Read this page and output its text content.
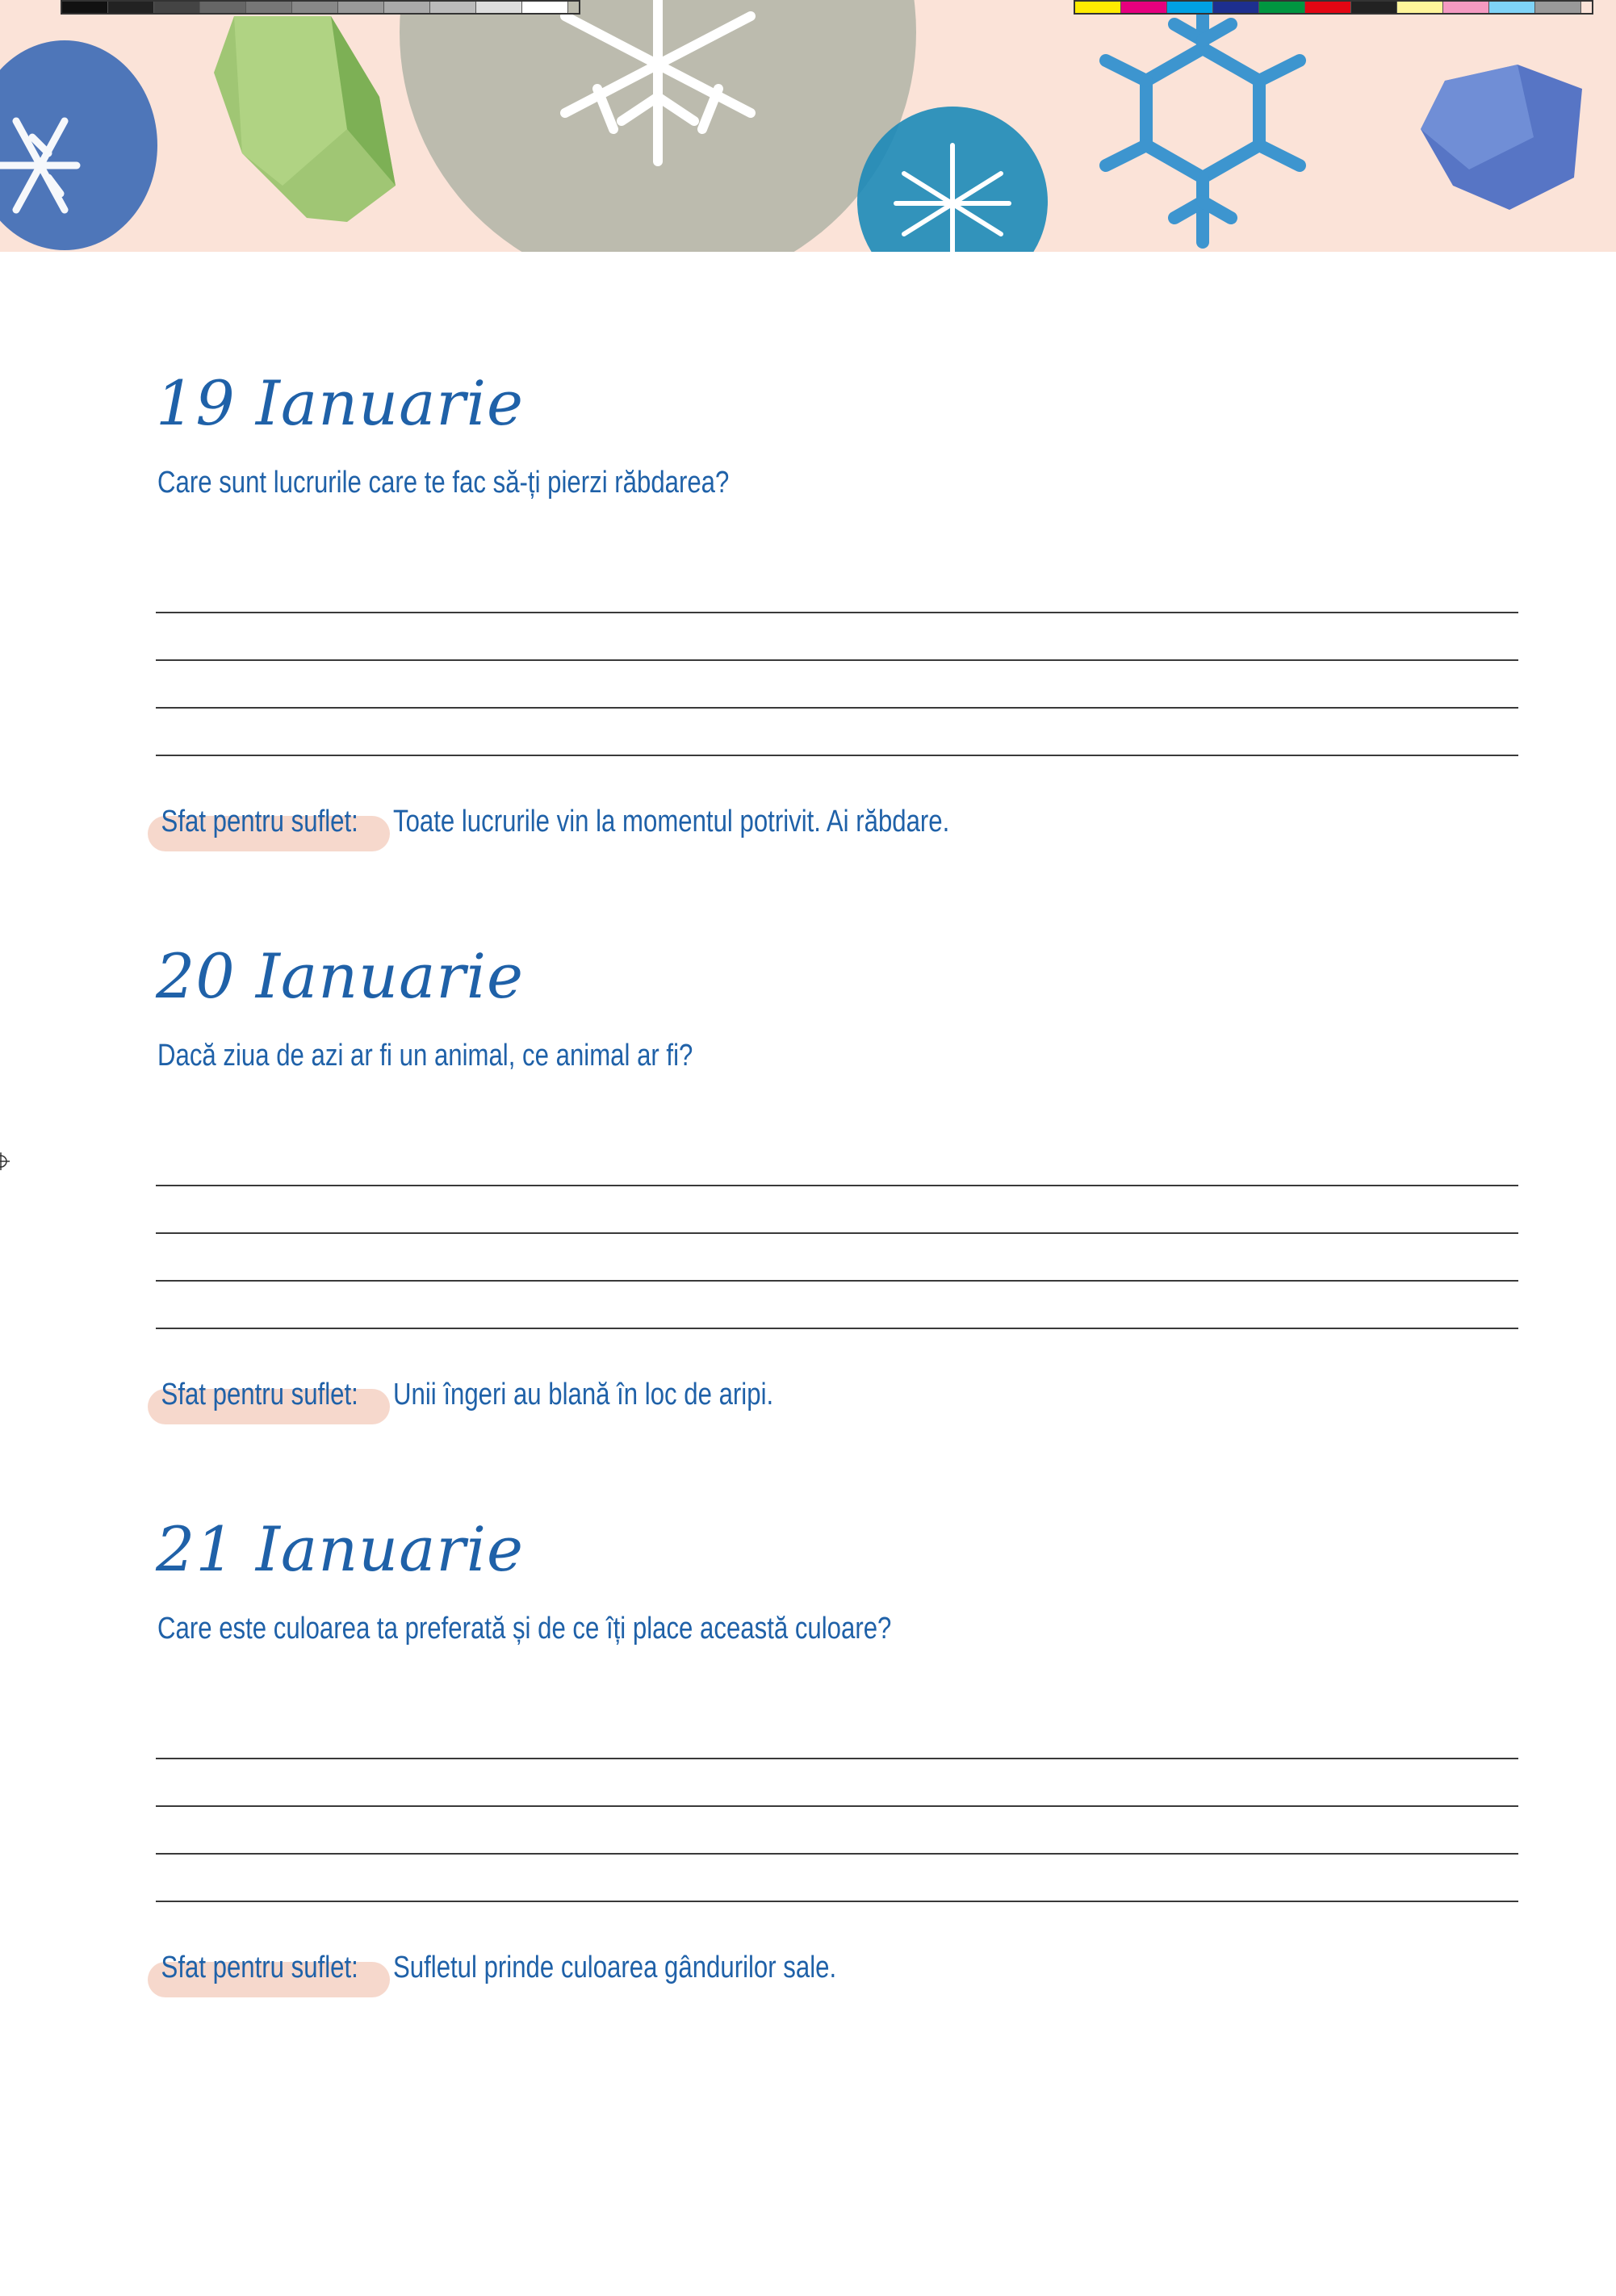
19 Ianuarie
Care sunt lucrurile care te fac să-ți pierzi răbdarea?
Sfat pentru suflet: Toate lucrurile vin la momentul potrivit. Ai răbdare.
20 Ianuarie
Dacă ziua de azi ar fi un animal, ce animal ar fi?
Sfat pentru suflet: Unii îngeri au blană în loc de aripi.
21 Ianuarie
Care este culoarea ta preferată și de ce îți place această culoare?
Sfat pentru suflet: Sufletul prinde culoarea gândurilor sale.
